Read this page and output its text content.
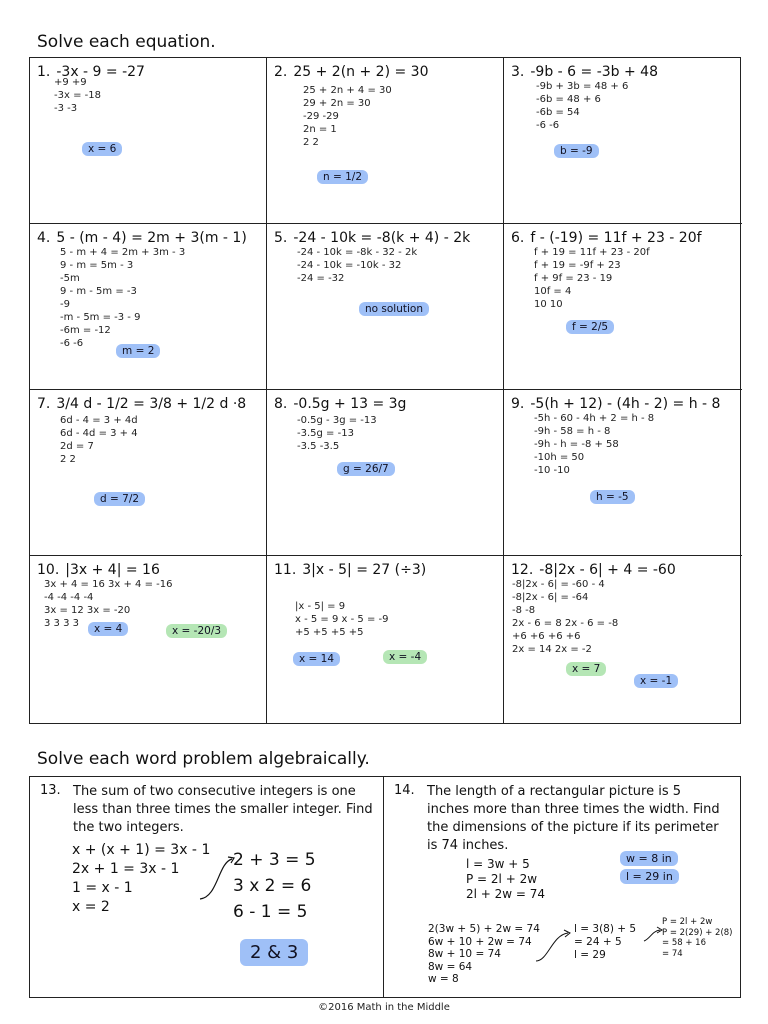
Solve each equation.
1. -3x - 9 = -27
+9 +9
-3x = -18
-3 -3
x = 6
2. 25 + 2(n + 2) = 30
25 + 2n + 4 = 30
29 + 2n = 30
-29 -29
2n = 1
2 2
n = 1/2
3. -9b - 6 = -3b + 48
-9b + 3b = 48 + 6
-6b = 48 + 6
-6b = 54
-6 -6
b = -9
4. 5 - (m - 4) = 2m + 3(m - 1)
5 - m + 4 = 2m + 3m - 3
9 - m = 5m - 3
-5m
9 - m - 5m = -3
-9
-m - 5m = -3 - 9
-6m = -12
-6 -6
m = 2
5. -24 - 10k = -8(k + 4) - 2k
-24 - 10k = -8k - 32 - 2k
-24 - 10k = -10k - 32
-24 = -32
no solution
6. f - (-19) = 11f + 23 - 20f
f + 19 = 11f + 23 - 20f
f + 19 = -9f + 23
f + 9f = 23 - 19
10f = 4
10 10
f = 2/5
7. 3/4 d - 1/2 = 3/8 + 1/2 d ·8
6d - 4 = 3 + 4d
6d - 4d = 3 + 4
2d = 7
2 2
d = 7/2
8. -0.5g + 13 = 3g
-0.5g - 3g = -13
-3.5g = -13
-3.5 -3.5
g = 26/7
9. -5(h + 12) - (4h - 2) = h - 8
-5h - 60 - 4h + 2 = h - 8
-9h - 58 = h - 8
-9h - h = -8 + 58
-10h = 50
-10 -10
h = -5
10. |3x + 4| = 16
3x + 4 = 16 3x + 4 = -16
-4 -4 -4 -4
3x = 12 3x = -20
3 3 3 3	x = 4	x = -20/3
11. 3|x - 5| = 27 (÷3)
|x - 5| = 9
x - 5 = 9 x - 5 = -9
+5 +5 +5 +5
x = 14	x = -4
12. -8|2x - 6| + 4 = -60
-8|2x - 6| = -60 - 4
-8|2x - 6| = -64
-8 -8
2x - 6 = 8 2x - 6 = -8
+6 +6 +6 +6
2x = 14 2x = -2
x = 7
x = -1
Solve each word problem algebraically.
13. The sum of two consecutive integers is one less than three times the smaller integer. Find the two integers.
x + (x + 1) = 3x - 1
2x + 1 = 3x - 1
1 = x - 1
x = 2
2 + 3 = 5
3 x 2 = 6
6 - 1 = 5
2 & 3
14. The length of a rectangular picture is 5 inches more than three times the width. Find the dimensions of the picture if its perimeter is 74 inches.
l = 3w + 5
P = 2l + 2w
2l + 2w = 74
w = 8 in
l = 29 in
2(3w + 5) + 2w = 74
6w + 10 + 2w = 74
8w + 10 = 74
8w = 64
w = 8
l = 3(8) + 5
= 24 + 5
l = 29
P = 2l + 2w
P = 2(29) + 2(8)
= 58 + 16
= 74
©2016 Math in the Middle
